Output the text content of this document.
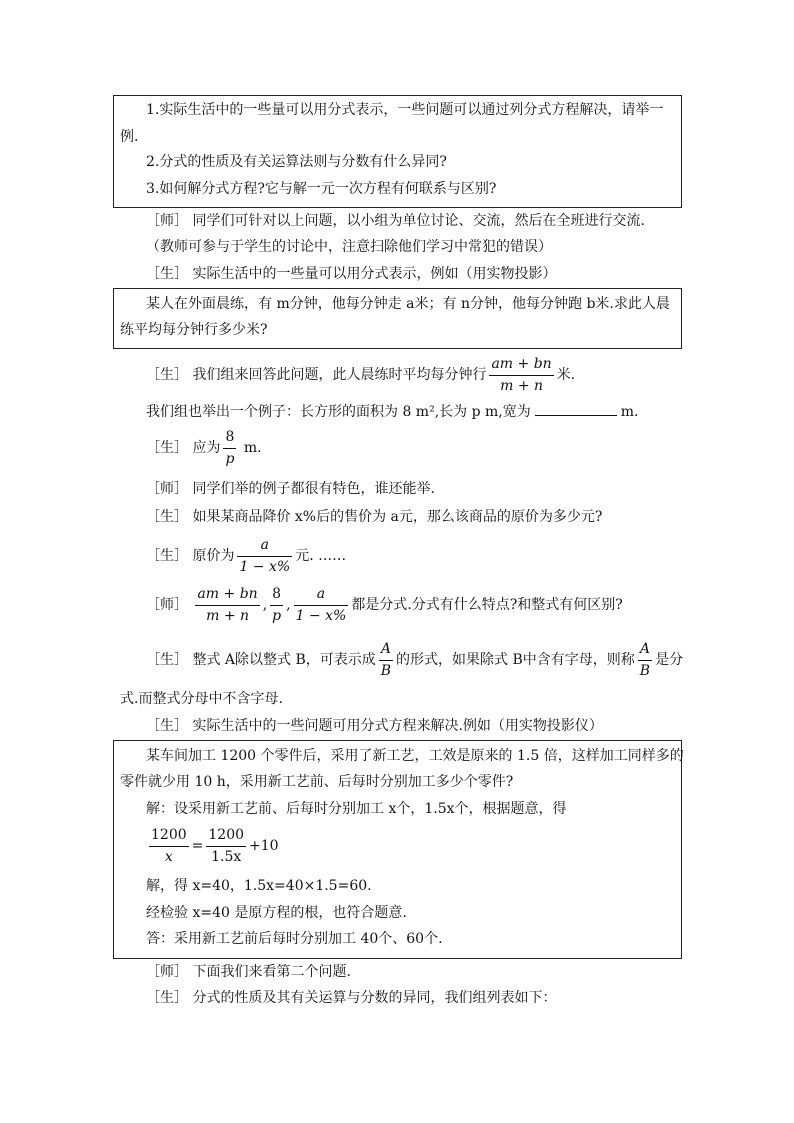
1.实际生活中的一些量可以用分式表示，一些问题可以通过列分式方程解决，请举一
例.
2.分式的性质及有关运算法则与分数有什么异同?
3.如何解分式方程?它与解一元一次方程有何联系与区别?
［师］ 同学们可针对以上问题，以小组为单位讨论、交流，然后在全班进行交流.
（教师可参与于学生的讨论中，注意扫除他们学习中常犯的错误）
［生］ 实际生活中的一些量可以用分式表示，例如（用实物投影）
某人在外面晨练，有 m分钟，他每分钟走 a米；有 n分钟，他每分钟跑 b米.求此人晨
练平均每分钟行多少米?
［生］ 我们组来回答此问题，此人晨练时平均每分钟行 $\frac{am + bn}{m + n}$ 米.
我们组也举出一个例子：长方形的面积为 8 m²,长为 p m,宽为	m.
［生］ 应为 $\frac{8}{p} m$.
［师］ 同学们举的例子都很有特色，谁还能举.
［生］ 如果某商品降价 x%后的售价为 a元，那么该商品的原价为多少元?
［生］ 原价为 $\frac{a}{1 - x\%}$ 元. ……
［师］ $\frac{am + bn}{m + n}$ , $\frac{8}{p}$ , $\frac{a}{1 - x\%}$ 都是分式.分式有什么特点?和整式有何区别?
［生］ 整式 A除以整式 B，可表示成 $\frac{A}{B}$ 的形式，如果除式 B中含有字母，则称 $\frac{A}{B}$ 是分
式.而整式分母中不含字母.
［生］ 实际生活中的一些问题可用分式方程来解决.例如（用实物投影仪）
某车间加工 1200 个零件后，采用了新工艺，工效是原来的 1.5 倍，这样加工同样多的
零件就少用 10 h，采用新工艺前、后每时分别加工多少个零件?
解：设采用新工艺前、后每时分别加工 x个，1.5x个，根据题意，得
$\frac{1200}{x} = \frac{1200}{1.5x} +10$
解，得 x=40，1.5x=40×1.5=60.
经检验 x=40 是原方程的根，也符合题意.
答：采用新工艺前后每时分别加工 40个、60个.
［师］ 下面我们来看第二个问题.
［生］ 分式的性质及其有关运算与分数的异同，我们组列表如下：
